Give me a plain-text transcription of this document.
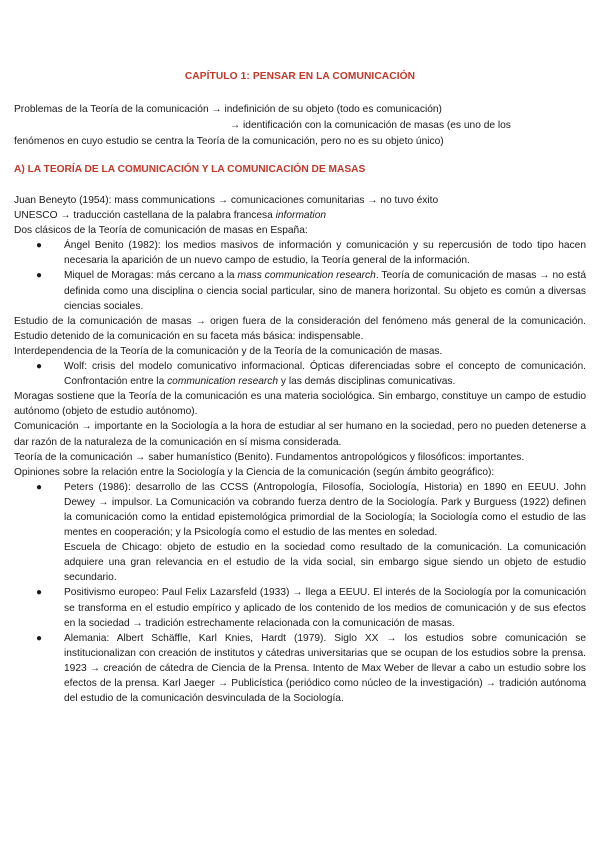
CAPÍTULO 1: PENSAR EN LA COMUNICACIÓN
Problemas de la Teoría de la comunicación → indefinición de su objeto (todo es comunicación)
→ identificación con la comunicación de masas (es uno de los
fenómenos en cuyo estudio se centra la Teoría de la comunicación, pero no es su objeto único)
A) LA TEORÍA DE LA COMUNICACIÓN Y LA COMUNICACIÓN DE MASAS

Juan Beneyto (1954): mass communications → comunicaciones comunitarias → no tuvo éxito

UNESCO → traducción castellana de la palabra francesa information

Dos clásicos de la Teoría de comunicación de masas en España:

● Ángel Benito (1982): los medios masivos de información y comunicación y su repercusión de todo tipo hacen necesaria la aparición de un nuevo campo de estudio, la Teoría general de la información.
● Miquel de Moragas: más cercano a la mass communication research. Teoría de comunicación de masas → no está definida como una disciplina o ciencia social particular, sino de manera horizontal. Su objeto es común a diversas ciencias sociales.

Estudio de la comunicación de masas → origen fuera de la consideración del fenómeno más general de la comunicación. Estudio detenido de la comunicación en su faceta más básica: indispensable.

Interdependencia de la Teoría de la comunicación y de la Teoría de la comunicación de masas.

● Wolf: crisis del modelo comunicativo informacional. Ópticas diferenciadas sobre el concepto de comunicación. Confrontación entre la communication research y las demás disciplinas comunicativas.

Moragas sostiene que la Teoría de la comunicación es una materia sociológica. Sin embargo, constituye un campo de estudio autónomo (objeto de estudio autónomo).

Comunicación → importante en la Sociología a la hora de estudiar al ser humano en la sociedad, pero no pueden detenerse a dar razón de la naturaleza de la comunicación en sí misma considerada.

Teoría de la comunicación → saber humanístico (Benito). Fundamentos antropológicos y filosóficos: importantes.

Opiniones sobre la relación entre la Sociología y la Ciencia de la comunicación (según ámbito geográfico):

● Peters (1986): desarrollo de las CCSS (Antropología, Filosofía, Sociología, Historia) en 1890 en EEUU. John Dewey → impulsor. La Comunicación va cobrando fuerza dentro de la Sociología. Park y Burguess (1922) definen la comunicación como la entidad epistemológica primordial de la Sociología; la Sociología como el estudio de las mentes en cooperación; y la Psicología como el estudio de las mentes en soledad.
Escuela de Chicago: objeto de estudio en la sociedad como resultado de la comunicación. La comunicación adquiere una gran relevancia en el estudio de la vida social, sin embargo sigue siendo un objeto de estudio secundario.
● Positivismo europeo: Paul Felix Lazarsfeld (1933) → llega a EEUU. El interés de la Sociología por la comunicación se transforma en el estudio empírico y aplicado de los contenido de los medios de comunicación y de sus efectos en la sociedad → tradición estrechamente relacionada con la comunicación de masas.
● Alemania: Albert Schäffle, Karl Knies, Hardt (1979). Siglo XX → los estudios sobre comunicación se institucionalizan con creación de institutos y cátedras universitarias que se ocupan de los estudios sobre la prensa. 1923 → creación de cátedra de Ciencia de la Prensa. Intento de Max Weber de llevar a cabo un estudio sobre los efectos de la prensa. Karl Jaeger → Publicística (periódico como núcleo de la investigación) → tradición autónoma del estudio de la comunicación desvinculada de la Sociología.
